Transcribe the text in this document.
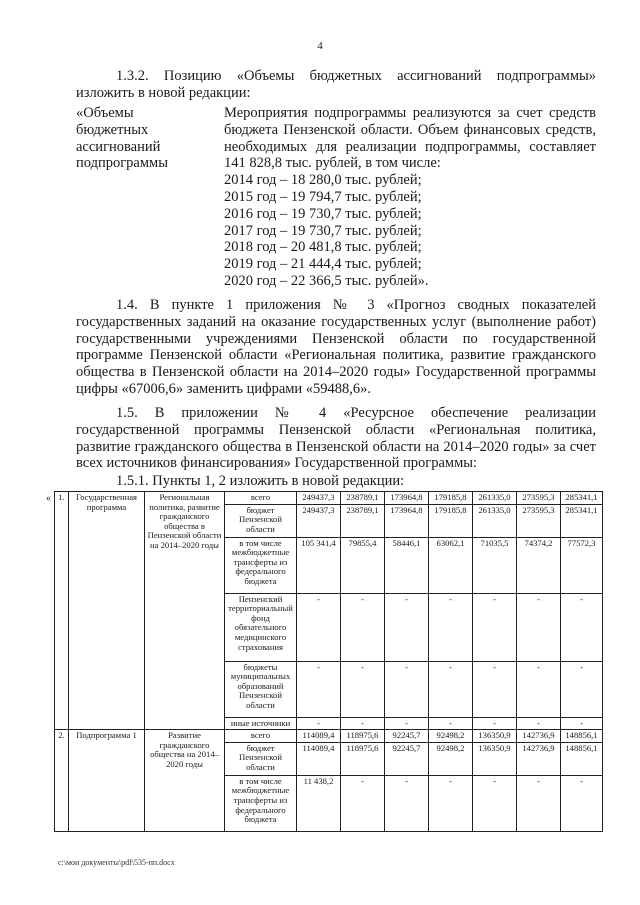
4

1.3.2. Позицию «Объемы бюджетных ассигнований подпрограммы» изложить в новой редакции:

«Объемы
бюджетных
ассигнований
подпрограммы
Мероприятия подпрограммы реализуются за счет средств бюджета Пензенской области. Объем финансовых средств, необходимых для реализации подпрограммы, составляет 141 828,8 тыс. рублей, в том числе:
2014 год – 18 280,0 тыс. рублей;
2015 год – 19 794,7 тыс. рублей;
2016 год – 19 730,7 тыс. рублей;
2017 год – 19 730,7 тыс. рублей;
2018 год – 20 481,8 тыс. рублей;
2019 год – 21 444,4 тыс. рублей;
2020 год – 22 366,5 тыс. рублей».

1.4. В пункте 1 приложения № 3 «Прогноз сводных показателей государственных заданий на оказание государственных услуг (выполнение работ) государственными учреждениями Пензенской области по государственной программе Пензенской области «Региональная политика, развитие гражданского общества в Пензенской области на 2014–2020 годы» Государственной программы цифры «67006,6» заменить цифрами «59488,6».

1.5. В приложении № 4 «Ресурсное обеспечение реализации государственной программы Пензенской области «Региональная политика, развитие гражданского общества в Пензенской области на 2014–2020 годы» за счет всех источников финансирования» Государственной программы:

1.5.1. Пункты 1, 2 изложить в новой редакции:

« 1.	Государственная программа	Региональная политика, развитие гражданского общества в Пензенской области на 2014–2020 годы	всего	249437,3	238789,1	173964,8	179185,8	261335,0	273595,3	285341,1
			бюджет Пензенской области	249437,3	238789,1	173964,8	179185,8	261335,0	273595,3	285341,1
			в том числе межбюджетные трансферты из федерального бюджета	105 341,4	79855,4	58446,1	63062,1	71035,5	74374,2	77572,3
			Пензенский территориальный фонд обязательного медицинского страхования	-	-	-	-	-	-	-
			бюджеты муниципальных образований Пензенской области	-	-	-	-	-	-	-
			иные источники	-	-	-	-	-	-	-
2.	Подпрограмма 1	Развитие гражданского общества на 2014–2020 годы	всего	114089,4	118975,6	92245,7	92498,2	136350,9	142736,9	148856,1
			бюджет Пензенской области	114089,4	118975,6	92245,7	92498,2	136350,9	142736,9	148856,1
			в том числе межбюджетные трансферты из федерального бюджета	11 438,2	-	-	-	-	-	-
c:\мои документы\pdf\535-пп.docx
